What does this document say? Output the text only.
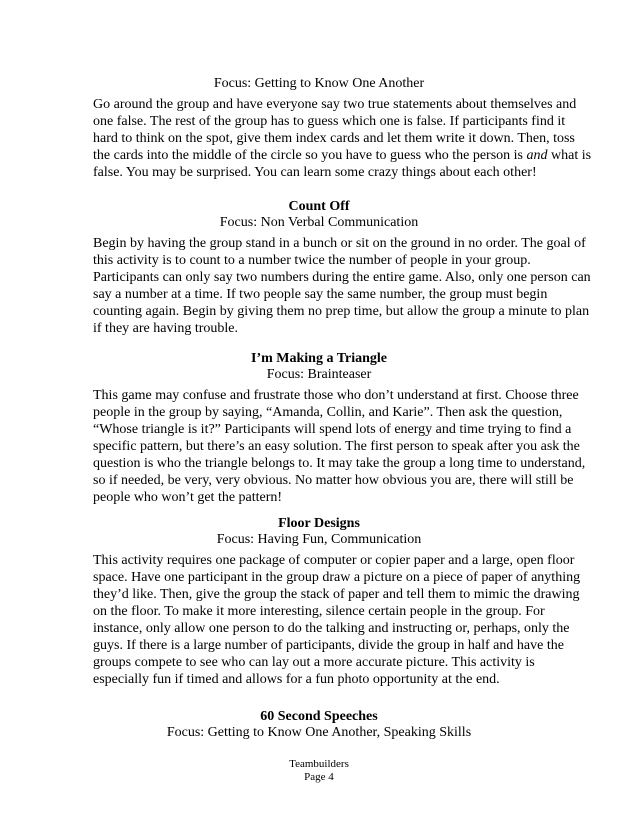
Focus: Getting to Know One Another

Go around the group and have everyone say two true statements about themselves and
one false. The rest of the group has to guess which one is false. If participants find it
hard to think on the spot, give them index cards and let them write it down. Then, toss
the cards into the middle of the circle so you have to guess who the person is and what is
false. You may be surprised. You can learn some crazy things about each other!

Count Off

Focus: Non Verbal Communication

Begin by having the group stand in a bunch or sit on the ground in no order. The goal of
this activity is to count to a number twice the number of people in your group.
Participants can only say two numbers during the entire game. Also, only one person can
say a number at a time. If two people say the same number, the group must begin
counting again. Begin by giving them no prep time, but allow the group a minute to plan
if they are having trouble.

I’m Making a Triangle

Focus: Brainteaser

This game may confuse and frustrate those who don’t understand at first. Choose three
people in the group by saying, “Amanda, Collin, and Karie”. Then ask the question,
“Whose triangle is it?” Participants will spend lots of energy and time trying to find a
specific pattern, but there’s an easy solution. The first person to speak after you ask the
question is who the triangle belongs to. It may take the group a long time to understand,
so if needed, be very, very obvious. No matter how obvious you are, there will still be
people who won’t get the pattern!

Floor Designs

Focus: Having Fun, Communication

This activity requires one package of computer or copier paper and a large, open floor
space. Have one participant in the group draw a picture on a piece of paper of anything
they’d like. Then, give the group the stack of paper and tell them to mimic the drawing
on the floor. To make it more interesting, silence certain people in the group. For
instance, only allow one person to do the talking and instructing or, perhaps, only the
guys. If there is a large number of participants, divide the group in half and have the
groups compete to see who can lay out a more accurate picture. This activity is
especially fun if timed and allows for a fun photo opportunity at the end.

60 Second Speeches

Focus: Getting to Know One Another, Speaking Skills

Teambuilders

Page 4
